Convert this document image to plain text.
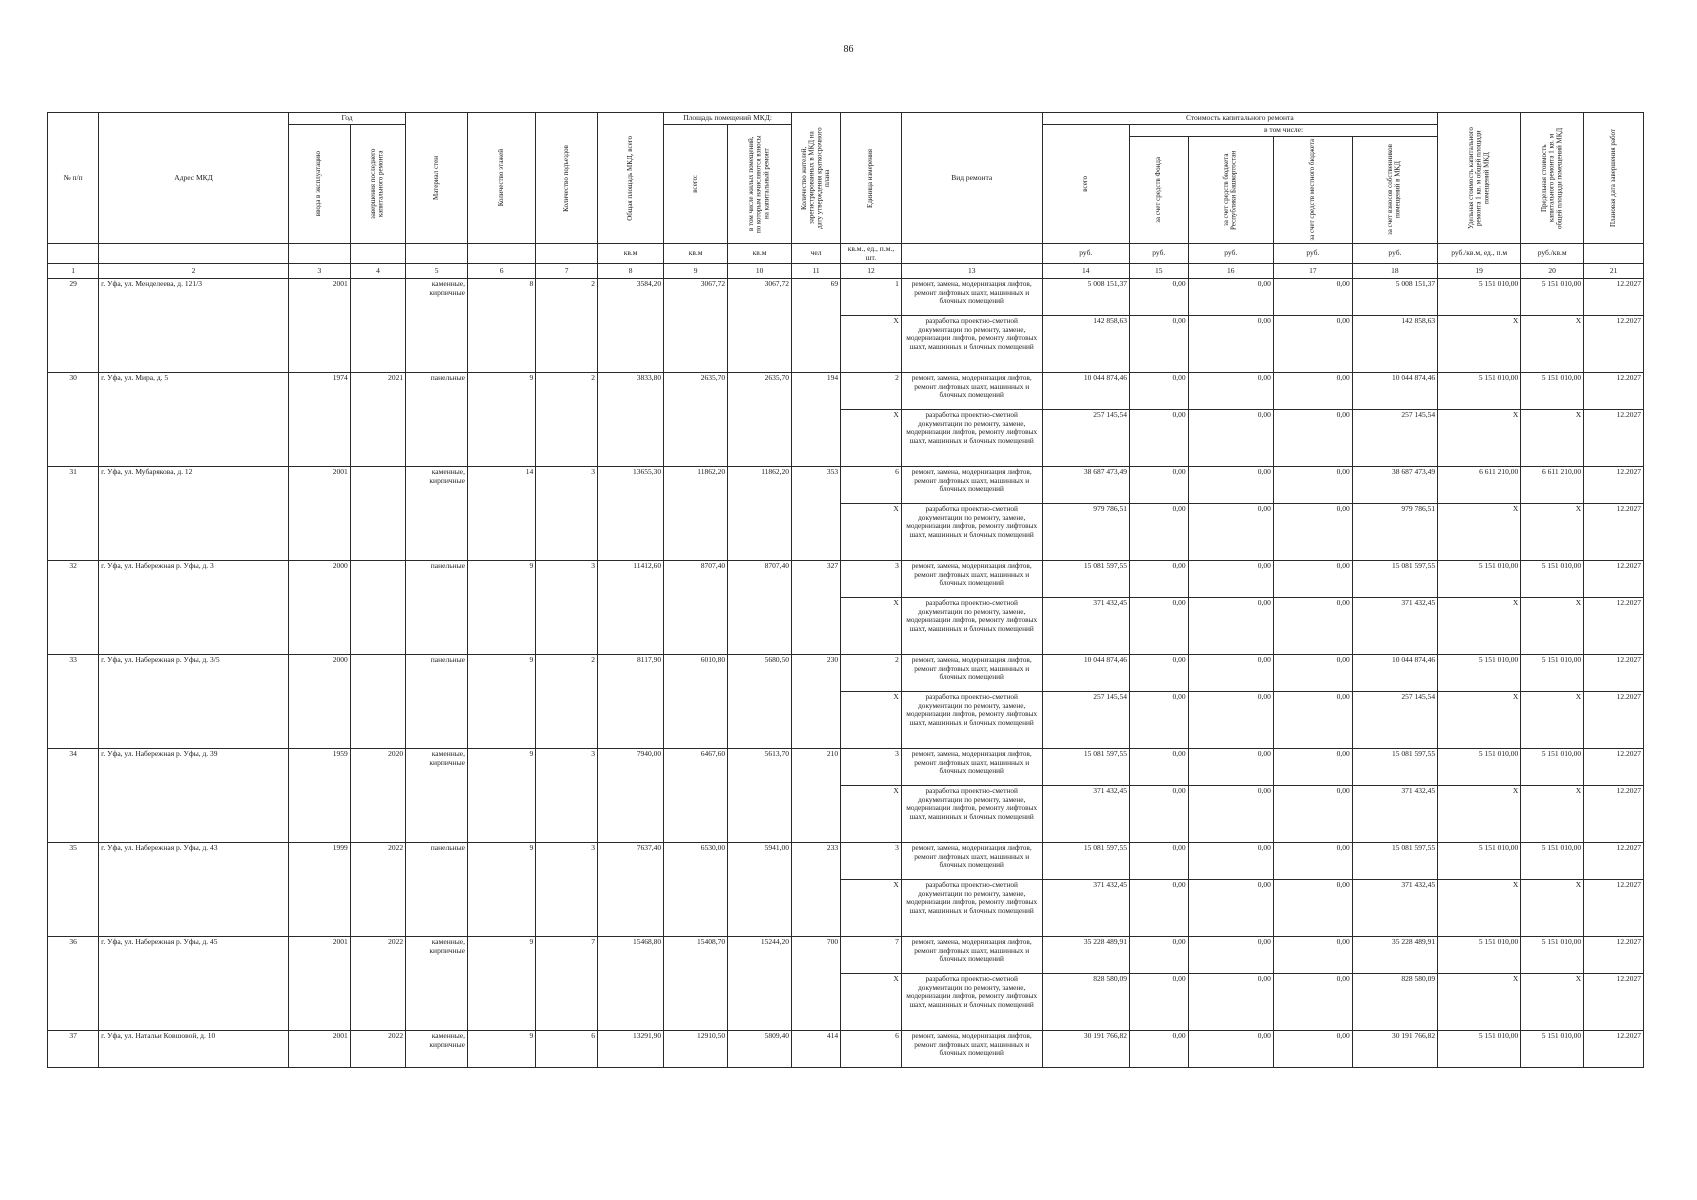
86
№ п/п	Адрес МКД	Год		Материал стен	Количество этажей	Количество подъездов	Общая площадь МКД, всего	Площадь помещений МКД:		Количество жителей, зарегистрированных в МКД на дату утверждения краткосрочного плана	Единица измерения	Вид ремонта	Стоимость капитального ремонта					Удельная стоимость капитального ремонта 1 кв. м общей площади помещений МКД	Предельная стоимость капитального ремонта 1 кв. м общей площади помещений МКД	Плановая дата завершения работ

		ввода в эксплуатацию	завершения последнего капитального ремонта					всего:	в том числе жилых помещений, по которым начисляются взносы на капитальный ремонт				всего	в том числе:						

														за счет средств Фонда	за счет средств бюджета Республики Башкортостан	за счет средств местного бюджета	за счет взносов собственников помещений в МКД			

							кв.м	кв.м	кв.м	чел	кв.м., ед., п.м., шт.		руб.	руб.	руб.	руб.	руб.	руб./кв.м, ед., п.м	руб./кв.м	
1	2	3	4	5	6	7	8	9	10	11	12	13	14	15	16	17	18	19	20	21
29	г. Уфа, ул. Менделеева, д. 121/3	2001		каменные, кирпичные	8	2	3584,20	3067,72	3067,72	69	1	ремонт, замена, модернизация лифтов, ремонт лифтовых шахт, машинных и блочных помещений	5 008 151,37	0,00	0,00	0,00	5 008 151,37	5 151 010,00	5 151 010,00	12.2027
											X	разработка проектно-сметной документации по ремонту, замене, модернизации лифтов, ремонту лифтовых шахт, машинных и блочных помещений	142 858,63	0,00	0,00	0,00	142 858,63	X	X	12.2027
30	г. Уфа, ул. Мира, д. 5	1974	2021	панельные	9	2	3833,80	2635,70	2635,70	194	2	ремонт, замена, модернизация лифтов, ремонт лифтовых шахт, машинных и блочных помещений	10 044 874,46	0,00	0,00	0,00	10 044 874,46	5 151 010,00	5 151 010,00	12.2027
											X	разработка проектно-сметной документации по ремонту, замене, модернизации лифтов, ремонту лифтовых шахт, машинных и блочных помещений	257 145,54	0,00	0,00	0,00	257 145,54	X	X	12.2027
31	г. Уфа, ул. Мубарякова, д. 12	2001		каменные, кирпичные	14	3	13655,30	11862,20	11862,20	353	6	ремонт, замена, модернизация лифтов, ремонт лифтовых шахт, машинных и блочных помещений	38 687 473,49	0,00	0,00	0,00	38 687 473,49	6 611 210,00	6 611 210,00	12.2027
											X	разработка проектно-сметной документации по ремонту, замене, модернизации лифтов, ремонту лифтовых шахт, машинных и блочных помещений	979 786,51	0,00	0,00	0,00	979 786,51	X	X	12.2027
32	г. Уфа, ул. Набережная р. Уфы, д. 3	2000		панельные	9	3	11412,60	8707,40	8707,40	327	3	ремонт, замена, модернизация лифтов, ремонт лифтовых шахт, машинных и блочных помещений	15 081 597,55	0,00	0,00	0,00	15 081 597,55	5 151 010,00	5 151 010,00	12.2027
											X	разработка проектно-сметной документации по ремонту, замене, модернизации лифтов, ремонту лифтовых шахт, машинных и блочных помещений	371 432,45	0,00	0,00	0,00	371 432,45	X	X	12.2027
33	г. Уфа, ул. Набережная р. Уфы, д. 3/5	2000		панельные	9	2	8117,90	6010,80	5680,50	230	2	ремонт, замена, модернизация лифтов, ремонт лифтовых шахт, машинных и блочных помещений	10 044 874,46	0,00	0,00	0,00	10 044 874,46	5 151 010,00	5 151 010,00	12.2027
											X	разработка проектно-сметной документации по ремонту, замене, модернизации лифтов, ремонту лифтовых шахт, машинных и блочных помещений	257 145,54	0,00	0,00	0,00	257 145,54	X	X	12.2027
34	г. Уфа, ул. Набережная р. Уфы, д. 39	1959	2020	каменные, кирпичные	9	3	7940,00	6467,60	5613,70	210	3	ремонт, замена, модернизация лифтов, ремонт лифтовых шахт, машинных и блочных помещений	15 081 597,55	0,00	0,00	0,00	15 081 597,55	5 151 010,00	5 151 010,00	12.2027
											X	разработка проектно-сметной документации по ремонту, замене, модернизации лифтов, ремонту лифтовых шахт, машинных и блочных помещений	371 432,45	0,00	0,00	0,00	371 432,45	X	X	12.2027
35	г. Уфа, ул. Набережная р. Уфы, д. 43	1999	2022	панельные	9	3	7637,40	6530,00	5941,00	233	3	ремонт, замена, модернизация лифтов, ремонт лифтовых шахт, машинных и блочных помещений	15 081 597,55	0,00	0,00	0,00	15 081 597,55	5 151 010,00	5 151 010,00	12.2027
											X	разработка проектно-сметной документации по ремонту, замене, модернизации лифтов, ремонту лифтовых шахт, машинных и блочных помещений	371 432,45	0,00	0,00	0,00	371 432,45	X	X	12.2027
36	г. Уфа, ул. Набережная р. Уфы, д. 45	2001	2022	каменные, кирпичные	9	7	15468,80	15408,70	15244,20	700	7	ремонт, замена, модернизация лифтов, ремонт лифтовых шахт, машинных и блочных помещений	35 228 489,91	0,00	0,00	0,00	35 228 489,91	5 151 010,00	5 151 010,00	12.2027
											X	разработка проектно-сметной документации по ремонту, замене, модернизации лифтов, ремонту лифтовых шахт, машинных и блочных помещений	828 580,09	0,00	0,00	0,00	828 580,09	X	X	12.2027
37	г. Уфа, ул. Натальи Ковшовой, д. 10	2001	2022	каменные, кирпичные	9	6	13291,90	12910,50	5809,40	414	6	ремонт, замена, модернизация лифтов, ремонт лифтовых шахт, машинных и блочных помещений	30 191 766,82	0,00	0,00	0,00	30 191 766,82	5 151 010,00	5 151 010,00	12.2027
